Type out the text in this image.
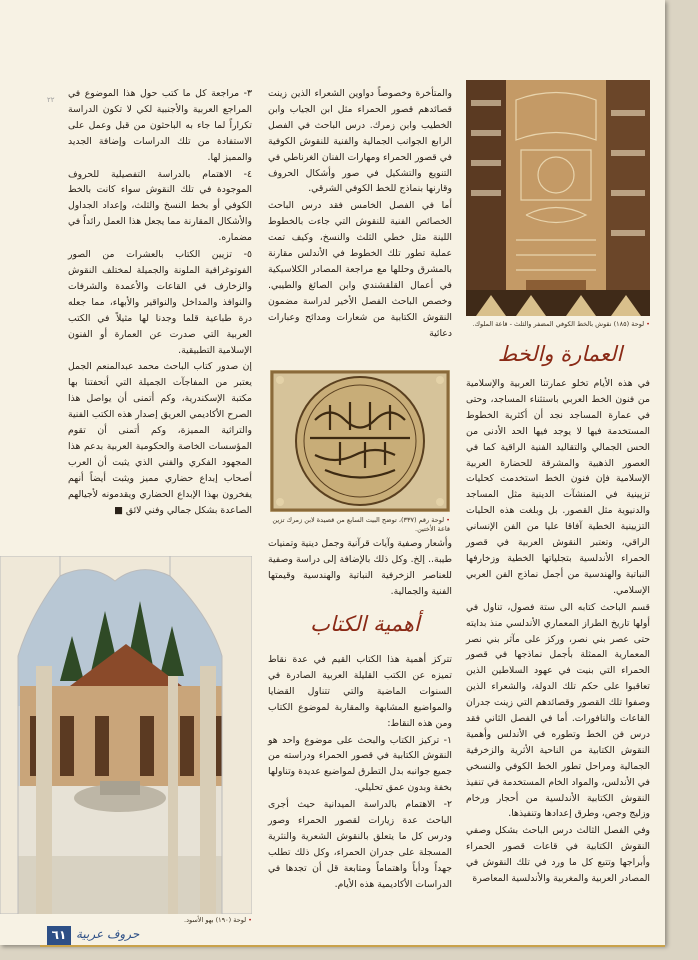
• لوحة (١٨٥) نقوش بالخط الكوفي المضفر والثلث - قاعة الملوك.
العمارة والخط

في هذه الأيام تخلو عمارتنا العربية والإسلامية من فنون الخط العربي باستثناء المساجد، وحتى في عمارة المساجد نجد أن أكثرية الخطوط المستخدمة فيها لا يوجد فيها الحد الأدنى من الحس الجمالي والتقاليد الفنية الراقية كما في العصور الذهبية والمشرقة للحضارة العربية الإسلامية فإن فنون الخط استخدمت كحليات تزيينية في المنشآت الدينية مثل المساجد والدنيوية مثل القصور. بل وبلغت هذه الحليات التزيينية الخطية آفاقا عليا من الفن الإنساني الراقي، وتعتبر النقوش العربية في قصور الحمراء الأندلسية بتجلياتها الخطية وزخارفها النباتية والهندسية من أجمل نماذج الفن العربي الإسلامي.

قسم الباحث كتابه الى ستة فصول، تناول في أولها تاريخ الطراز المعماري الأندلسي منذ بدايته حتى عصر بني نصر، وركز على مآثر بني نصر المعمارية الممثلة بأجمل نماذجها في قصور الحمراء التي بنيت في عهود السلاطين الذين تعاقبوا على حكم تلك الدولة، والشعراء الذين وصفوا تلك القصور وقصائدهم التي زينت جدران القاعات والنافورات. أما في الفصل الثاني فقد درس فن الخط وتطوره في الأندلس وأهمية النقوش الكتابية من الناحية الأثرية والزخرفية الجمالية ومراحل تطور الخط الكوفي والنسخي في الأندلس، والمواد الخام المستخدمة في تنفيذ النقوش الكتابية الأندلسية من أحجار ورخام وزليج وجص، وطرق إعدادها وتنفيذها.

وفي الفصل الثالث درس الباحث بشكل وصفي النقوش الكتابية في قاعات قصور الحمراء وأبراجها وتتبع كل ما ورد في تلك النقوش في المصادر العربية والمغربية والأندلسية المعاصرة

والمتأخرة وخصوصاً دواوين الشعراء الذين زينت قصائدهم قصور الحمراء مثل ابن الجياب وابن الخطيب وابن زمرك. درس الباحث في الفصل الرابع الجوانب الجمالية والفنية للنقوش الكوفية في قصور الحمراء ومهارات الفنان الغرناطي في التنويع والتشكيل في صور وأشكال الحروف وقارنها بنماذج للخط الكوفي الشرقي.

أما في الفصل الخامس فقد درس الباحث الخصائص الفنية للنقوش التي جاءت بالخطوط اللينة مثل خطي الثلث والنسخ، وكيف تمت عملية تطور تلك الخطوط في الأندلس مقارنة بالمشرق وحللها مع مراجعة المصادر الكلاسيكية في أعمال القلقشندي وابن الصائغ والطيبي. وخصص الباحث الفصل الأخير لدراسة مضمون النقوش الكتابية من شعارات ومدائح وعبارات دعائية

• لوحة رقم (٣٣٧)، توضح البيت السابع من قصيدة لابن زمرك تزين قاعة الأختين.

وأشعار وصفية وآيات قرآنية وجمل دينية وتمنيات طيبة.. إلخ. وكل ذلك بالإضافة إلى دراسة وصفية للعناصر الزخرفية النباتية والهندسية وقيمتها الفنية والجمالية.

أهمية الكتاب

تتركز أهمية هذا الكتاب القيم في عدة نقاط تميزه عن الكتب القليلة العربية الصادرة في السنوات الماضية والتي تتناول القضايا والمواضيع المشابهة والمقاربة لموضوع الكتاب ومن هذه النقاط:

١- تركيز الكتاب والبحث على موضوع واحد هو النقوش الكتابية في قصور الحمراء ودراسته من جميع جوانبه بدل التطرق لمواضيع عديدة وتناولها بخفة وبدون عمق تحليلي.

٢- الاهتمام بالدراسة الميدانية حيث أجرى الباحث عدة زيارات لقصور الحمراء وصور ودرس كل ما يتعلق بالنقوش الشعرية والنثرية المسجلة على جدران الحمراء، وكل ذلك تطلب جهداً ودأباً واهتماماً ومتابعة قل أن تجدها في الدراسات الأكاديمية هذه الأيام.

٣- مراجعة كل ما كتب حول هذا الموضوع في المراجع العربية والأجنبية لكي لا تكون الدراسة تكراراً لما جاء به الباحثون من قبل وعمل على الاستفادة من تلك الدراسات وإضافة الجديد والمميز لها.

٤- الاهتمام بالدراسة التفصيلية للحروف الموجودة في تلك النقوش سواء كانت بالخط الكوفي أو بخط النسخ والثلث، وإعداد الجداول والأشكال المقارنة مما يجعل هذا العمل رائداً في مضماره.

٥- تزيين الكتاب بالعشرات من الصور الفوتوغرافية الملونة والجميلة لمختلف النقوش والزخارف في القاعات والأعمدة والشرفات والنوافذ والمداخل والنواقير والأبهاء، مما جعله درة طباعية قلما وجدنا لها مثيلاً في الكتب العربية التي صدرت عن العمارة أو الفنون الإسلامية التطبيقية.

إن صدور كتاب الباحث محمد عبدالمنعم الجمل يعتبر من المفاجآت الجميلة التي أتحفتنا بها مكتبة الإسكندرية، وكم أتمنى أن يواصل هذا الصرح الأكاديمي العريق إصدار هذه الكتب الفنية والتراثية المميزة، وكم أتمنى أن تقوم المؤسسات الخاصة والحكومية العربية بدعم هذا المجهود الفكري والفني الذي يثبت أن العرب أصحاب إبداع حضاري مميز ويثبت أيضاً أنهم يفخرون بهذا الإبداع الحضاري ويقدمونه لأجيالهم الصاعدة بشكل جمالي وفني لائق ■

• لوحة (١٩٠) بهو الأسود.
٢٢
٦١ حروف عربية
